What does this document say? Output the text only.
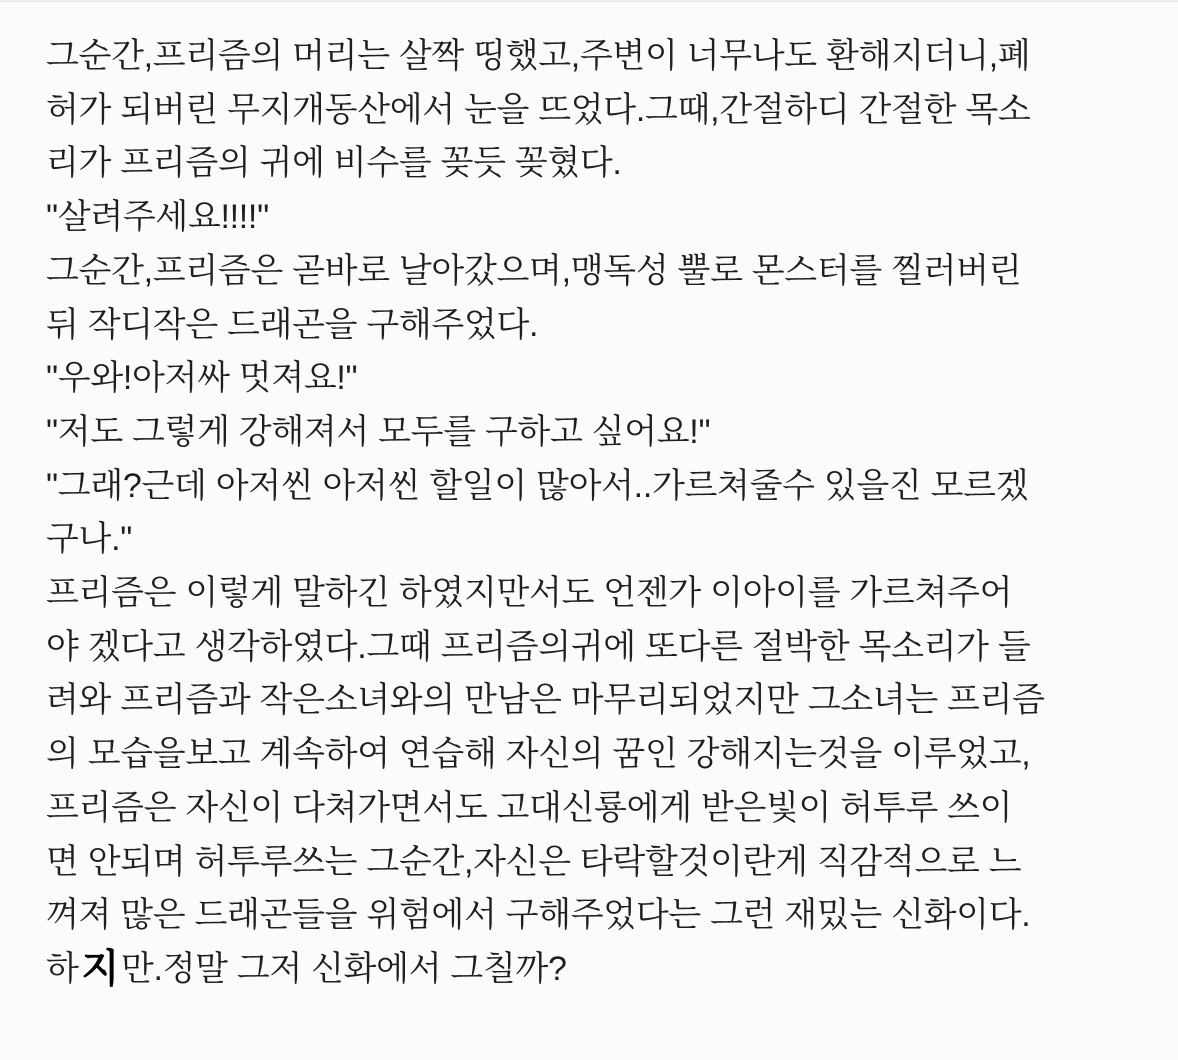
그순간,프리즘의 머리는 살짝 띵했고,주변이 너무나도 환해지더니,폐
허가 되버린 무지개동산에서 눈을 뜨었다.그때,간절하디 간절한 목소
리가 프리즘의 귀에 비수를 꽂듯 꽂혔다.
"살려주세요!!!!"
그순간,프리즘은 곧바로 날아갔으며,맹독성 뿔로 몬스터를 찔러버린
뒤 작디작은 드래곤을 구해주었다.
"우와!아저싸 멋져요!"
"저도 그렇게 강해져서 모두를 구하고 싶어요!"
"그래?근데 아저씬 아저씬 할일이 많아서..가르쳐줄수 있을진 모르겠
구나."
프리즘은 이렇게 말하긴 하였지만서도 언젠가 이아이를 가르쳐주어
야 겠다고 생각하였다.그때 프리즘의귀에 또다른 절박한 목소리가 들
려와 프리즘과 작은소녀와의 만남은 마무리되었지만 그소녀는 프리즘
의 모습을보고 계속하여 연습해 자신의 꿈인 강해지는것을 이루었고,
프리즘은 자신이 다쳐가면서도 고대신룡에게 받은빛이 허투루 쓰이
면 안되며 허투루쓰는 그순간,자신은 타락할것이란게 직감적으로 느
껴져 많은 드래곤들을 위험에서 구해주었다는 그런 재밌는 신화이다.
하지만.정말 그저 신화에서 그칠까?
